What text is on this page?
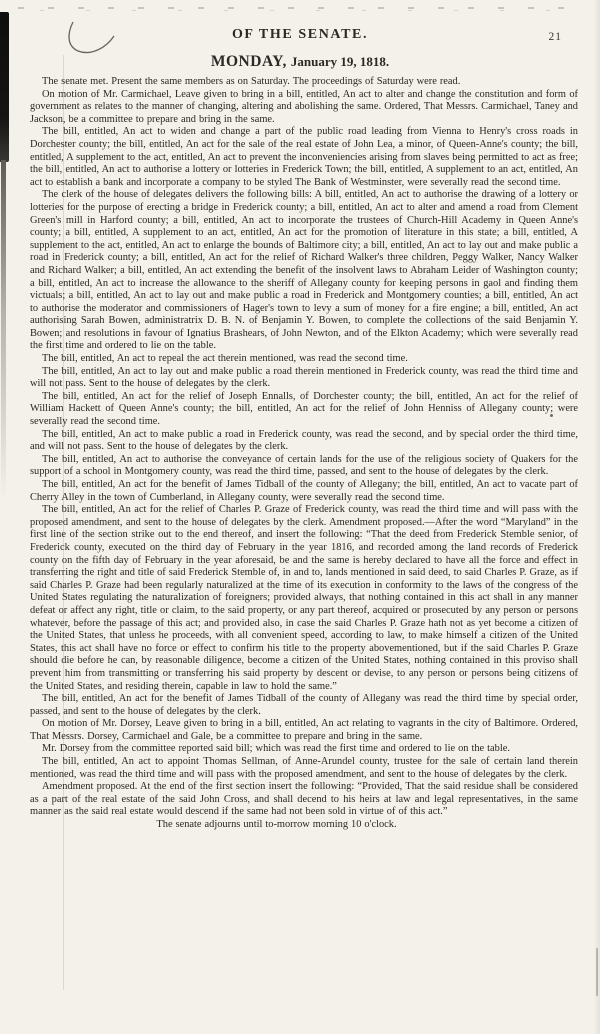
OF THE SENATE.	21
MONDAY, January 19, 1818.

The senate met. Present the same members as on Saturday. The proceedings of Saturday were read.

On motion of Mr. Carmichael, Leave given to bring in a bill, entitled, An act to alter and change the constitution and form of government as relates to the manner of changing, altering and abolishing the same. Ordered, That Messrs. Carmichael, Taney and Jackson, be a committee to prepare and bring in the same.

The bill, entitled, An act to widen and change a part of the public road leading from Vienna to Henry's cross roads in Dorchester county; the bill, entitled, An act for the sale of the real estate of John Lea, a minor, of Queen-Anne's county; the bill, entitled, A supplement to the act, entitled, An act to prevent the inconveniencies arising from slaves being permitted to act as free; the bill, entitled, An act to authorise a lottery or lotteries in Frederick Town; the bill, entitled, A supplement to an act, entitled, An act to establish a bank and incorporate a company to be styled The Bank of Westminster, were severally read the second time.

The clerk of the house of delegates delivers the following bills: A bill, entitled, An act to authorise the drawing of a lottery or lotteries for the purpose of erecting a bridge in Frederick county; a bill, entitled, An act to alter and amend a road from Clement Green's mill in Harford county; a bill, entitled, An act to incorporate the trustees of Church-Hill Academy in Queen Anne's county; a bill, entitled, A supplement to an act, entitled, An act for the promotion of literature in this state; a bill, entitled, A supplement to the act, entitled, An act to enlarge the bounds of Baltimore city; a bill, entitled, An act to lay out and make public a road in Frederick county; a bill, entitled, An act for the relief of Richard Walker's three children, Peggy Walker, Nancy Walker and Richard Walker; a bill, entitled, An act extending the benefit of the insolvent laws to Abraham Leider of Washington county; a bill, entitled, An act to increase the allowance to the sheriff of Allegany county for keeping persons in gaol and finding them victuals; a bill, entitled, An act to lay out and make public a road in Frederick and Montgomery counties; a bill, entitled, An act to authorise the moderator and commissioners of Hager's town to levy a sum of money for a fire engine; a bill, entitled, An act authorising Sarah Bowen, administratrix D. B. N. of Benjamin Y. Bowen, to complete the collections of the said Benjamin Y. Bowen; and resolutions in favour of Ignatius Brashears, of John Newton, and of the Elkton Academy; which were severally read the first time and ordered to lie on the table.

The bill, entitled, An act to repeal the act therein mentioned, was read the second time.

The bill, entitled, An act to lay out and make public a road therein mentioned in Frederick county, was read the third time and will not pass. Sent to the house of delegates by the clerk.

The bill, entitled, An act for the relief of Joseph Ennalls, of Dorchester county; the bill, entitled, An act for the relief of William Hackett of Queen Anne's county; the bill, entitled, An act for the relief of John Henniss of Allegany county; were severally read the second time.

The bill, entitled, An act to make public a road in Frederick county, was read the second, and by special order the third time, and will not pass. Sent to the house of delegates by the clerk.

The bill, entitled, An act to authorise the conveyance of certain lands for the use of the religious society of Quakers for the support of a school in Montgomery county, was read the third time, passed, and sent to the house of delegates by the clerk.

The bill, entitled, An act for the benefit of James Tidball of the county of Allegany; the bill, entitled, An act to vacate part of Cherry Alley in the town of Cumberland, in Allegany county, were severally read the second time.

The bill, entitled, An act for the relief of Charles P. Graze of Frederick county, was read the third time and will pass with the proposed amendment, and sent to the house of delegates by the clerk. Amendment proposed.—After the word “Maryland” in the first line of the section strike out to the end thereof, and insert the following: “That the deed from Frederick Stemble senior, of Frederick county, executed on the third day of February in the year 1816, and recorded among the land records of Frederick county on the fifth day of February in the year aforesaid, be and the same is hereby declared to have all the force and effect in transferring the right and title of said Frederick Stemble of, in and to, lands mentioned in said deed, to said Charles P. Graze, as if said Charles P. Graze had been regularly naturalized at the time of its execution in conformity to the laws of the congress of the United States regulating the naturalization of foreigners; provided always, that nothing contained in this act shall in any manner defeat or affect any right, title or claim, to the said property, or any part thereof, acquired or prosecuted by any person or persons whatever, before the passage of this act; and provided also, in case the said Charles P. Graze hath not as yet become a citizen of the United States, that unless he proceeds, with all convenient speed, according to law, to make himself a citizen of the United States, this act shall have no force or effect to confirm his title to the property abovementioned, but if the said Charles P. Graze should die before he can, by reasonable diligence, become a citizen of the United States, nothing contained in this proviso shall prevent him from transmitting or transferring his said property by descent or devise, to any person or persons being citizens of the United States, and residing therein, capable in law to hold the same.”

The bill, entitled, An act for the benefit of James Tidball of the county of Allegany was read the third time by special order, passed, and sent to the house of delegates by the clerk.

On motion of Mr. Dorsey, Leave given to bring in a bill, entitled, An act relating to vagrants in the city of Baltimore. Ordered, That Messrs. Dorsey, Carmichael and Gale, be a committee to prepare and bring in the same.

Mr. Dorsey from the committee reported said bill; which was read the first time and ordered to lie on the table.

The bill, entitled, An act to appoint Thomas Sellman, of Anne-Arundel county, trustee for the sale of certain land therein mentioned, was read the third time and will pass with the proposed amendment, and sent to the house of delegates by the clerk.

Amendment proposed. At the end of the first section insert the following: “Provided, That the said residue shall be considered as a part of the real estate of the said John Cross, and shall decend to his heirs at law and legal representatives, in the same manner as the said real estate would descend if the same had not been sold in virtue of of this act.”

The senate adjourns until to-morrow morning 10 o'clock.
